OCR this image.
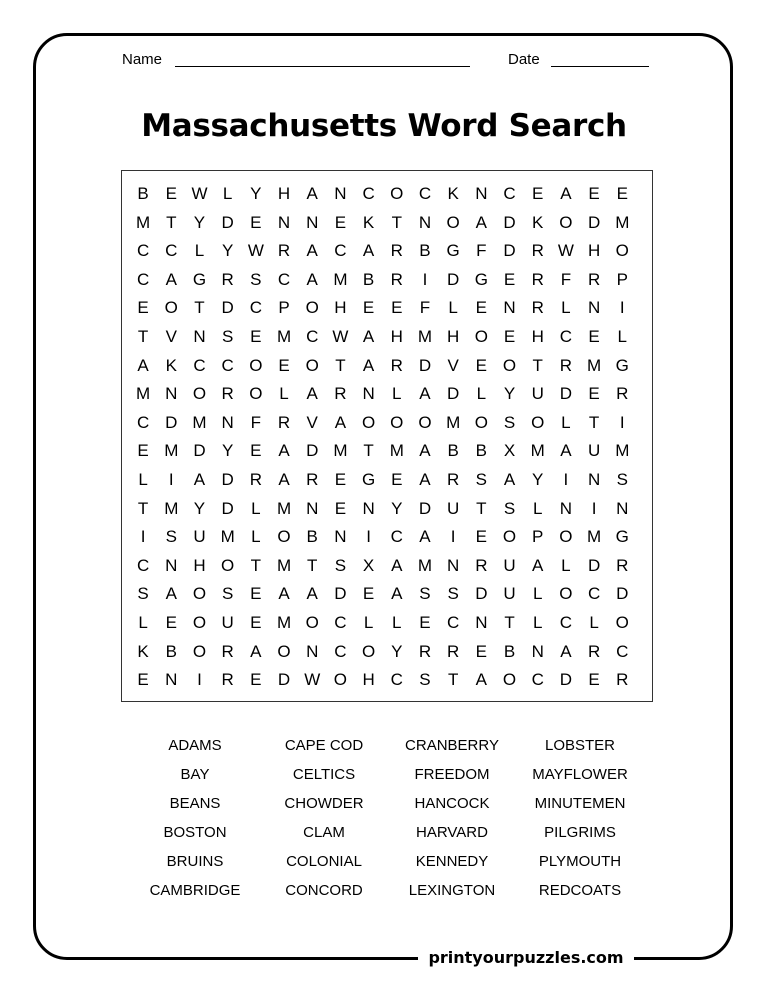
Name	Date
Massachusetts Word Search
B E W L	Y H A N C O C K N C E A E E
M T	Y D E N N E K	T N O A D K O D M
C C	L	Y W R A C A R B G F D R W H O
C A G R S C A M B R	I	D G E R F R P
E O T D C P O H E E	F	L	E N R	L	N	I
T	V N S E M C W A H M H O E H C E	L
A K C C O E O T	A R D V E O T R M G
M N O R O L	A R N	L	A D	L	Y U D E R
C D M N F R V A O O O M O S O L	T	I
E M D Y E A D M T M A B B X M A U M
L	I	A D R A R E G E A R S A Y	I	N S
T M Y D	L M N E N Y D U T	S	L	N	I	N
I	S U M L O B N	I	C A	I	E O P O M G
C N H O T M T	S X A M N R U A	L	D R
S A O S E A A D E A S S D U	L O C D
L	E O U E M O C	L	L	E C N T	L	C	L O
K B O R A O N C O Y R R E B N A R C
E N	I	R E D W O H C S	T	A O C D E R
ADAMS	CAPE COD	CRANBERRY	LOBSTER
BAY	CELTICS	FREEDOM	MAYFLOWER
BEANS	CHOWDER	HANCOCK	MINUTEMEN
BOSTON	CLAM	HARVARD	PILGRIMS
BRUINS	COLONIAL	KENNEDY	PLYMOUTH
CAMBRIDGE	CONCORD	LEXINGTON	REDCOATS
printyourpuzzles.com
